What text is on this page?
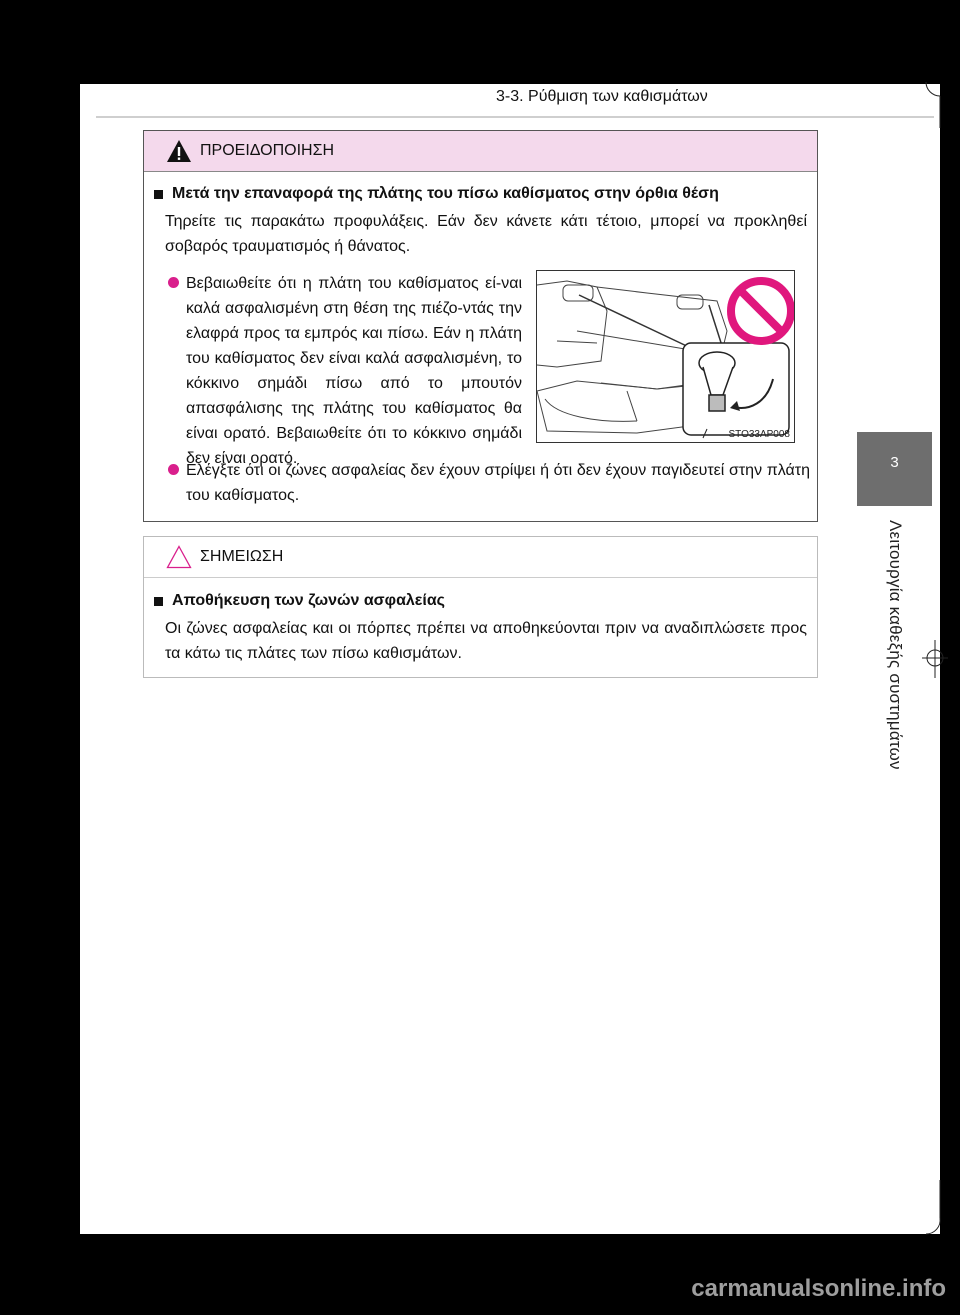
3-3. Ρύθμιση των καθισμάτων
3
Λειτουργία καθεξής συστημάτων
ΠΡΟΕΙΔΟΠΟΙΗΣΗ
Μετά την επαναφορά της πλάτης του πίσω καθίσματος στην όρθια θέση
Τηρείτε τις παρακάτω προφυλάξεις. Εάν δεν κάνετε κάτι τέτοιο, μπορεί να προκληθεί σοβαρός τραυματισμός ή θάνατος.
Βεβαιωθείτε ότι η πλάτη του καθίσματος εί-ναι καλά ασφαλισμένη στη θέση της πιέζο-ντάς την ελαφρά προς τα εμπρός και πίσω. Εάν η πλάτη του καθίσματος δεν είναι καλά ασφαλισμένη, το κόκκινο σημάδι πίσω από το μπουτόν απασφάλισης της πλάτης του καθίσματος θα είναι ορατό. Βεβαιωθείτε ότι το κόκκινο σημάδι δεν είναι ορατό.
Ελέγξτε ότι οι ζώνες ασφαλείας δεν έχουν στρίψει ή ότι δεν έχουν παγιδευτεί στην πλάτη του καθίσματος.
STO33AP008
ΣΗΜΕΙΩΣΗ
Αποθήκευση των ζωνών ασφαλείας
Οι ζώνες ασφαλείας και οι πόρπες πρέπει να αποθηκεύονται πριν να αναδιπλώσετε προς τα κάτω τις πλάτες των πίσω καθισμάτων.
carmanualsonline.info
